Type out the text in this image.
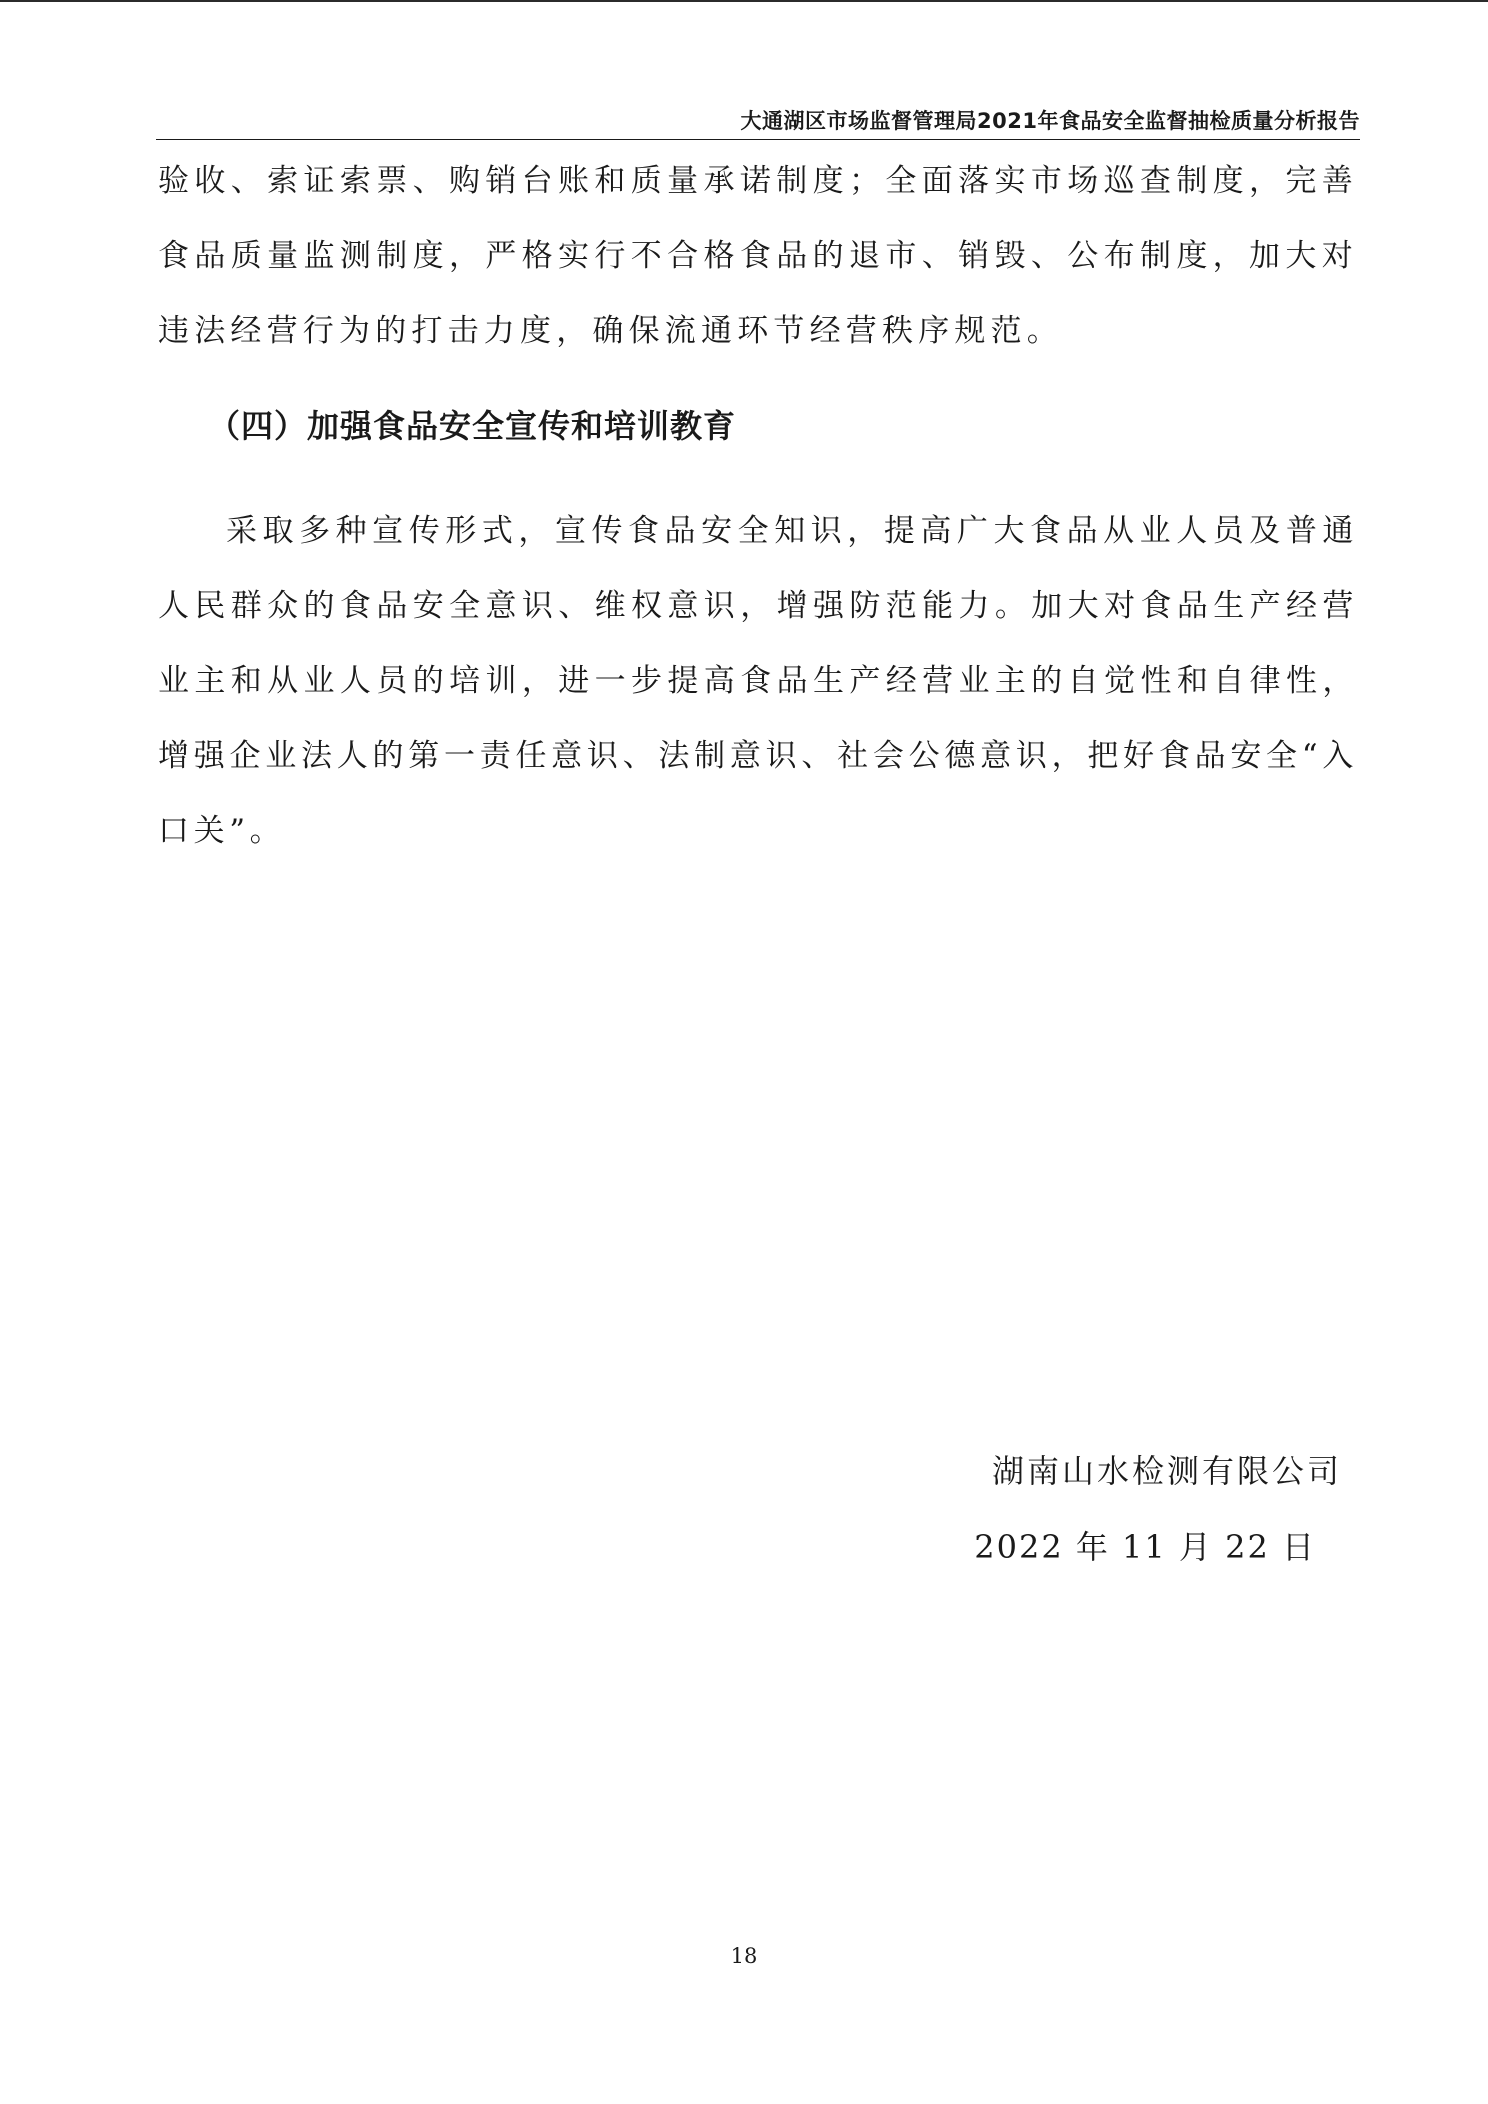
大通湖区市场监督管理局2021年食品安全监督抽检质量分析报告

验收、索证索票、购销台账和质量承诺制度；全面落实市场巡查制度，完善食品质量监测制度，严格实行不合格食品的退市、销毁、公布制度，加大对违法经营行为的打击力度，确保流通环节经营秩序规范。

（四）加强食品安全宣传和培训教育

采取多种宣传形式，宣传食品安全知识，提高广大食品从业人员及普通人民群众的食品安全意识、维权意识，增强防范能力。加大对食品生产经营业主和从业人员的培训，进一步提高食品生产经营业主的自觉性和自律性，增强企业法人的第一责任意识、法制意识、社会公德意识，把好食品安全“入口关”。

湖南山水检测有限公司

2022 年 11 月 22 日

18
